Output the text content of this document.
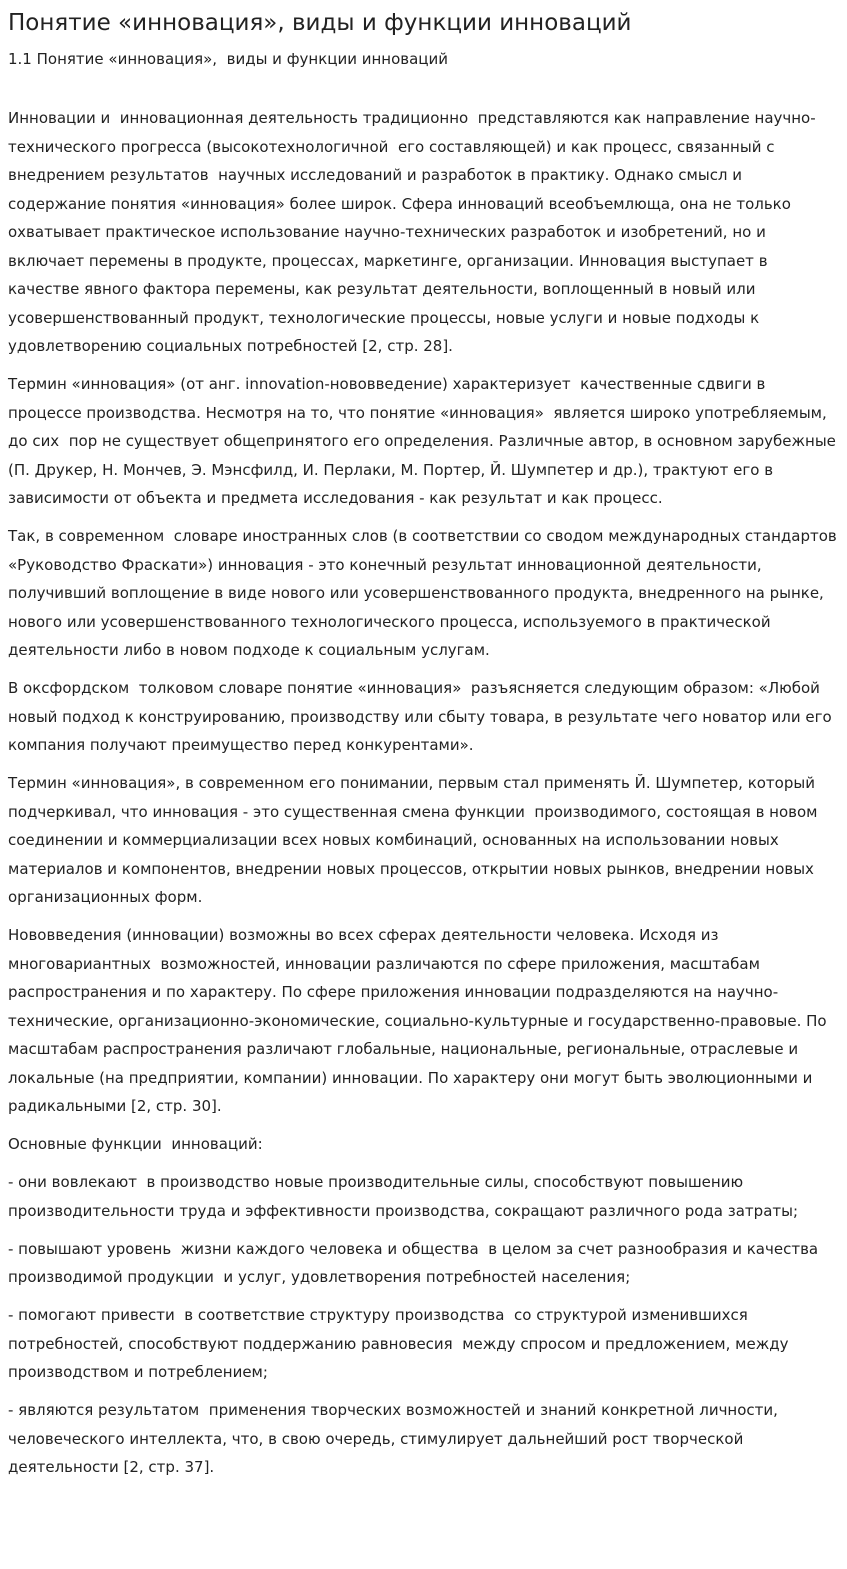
Понятие «инновация», виды и функции инноваций
1.1 Понятие «инновация»,  виды и функции инноваций

Инновации и  инновационная деятельность традиционно  представляются как направление научно-технического прогресса (высокотехнологичной  его составляющей) и как процесс, связанный с внедрением результатов  научных исследований и разработок в практику. Однако смысл и содержание понятия «инновация» более широк. Сфера инноваций всеобъемлюща, она не только охватывает практическое использование научно-технических разработок и изобретений, но и включает перемены в продукте, процессах, маркетинге, организации. Инновация выступает в качестве явного фактора перемены, как результат деятельности, воплощенный в новый или усовершенствованный продукт, технологические процессы, новые услуги и новые подходы к удовлетворению социальных потребностей [2, стр. 28].

Термин «инновация» (от анг. innovation-нововведение) характеризует  качественные сдвиги в процессе производства. Несмотря на то, что понятие «инновация»  является широко употребляемым, до сих  пор не существует общепринятого его определения. Различные автор, в основном зарубежные (П. Друкер, Н. Мончев, Э. Мэнсфилд, И. Перлаки, М. Портер, Й. Шумпетер и др.), трактуют его в зависимости от объекта и предмета исследования - как результат и как процесс.

Так, в современном  словаре иностранных слов (в соответствии со сводом международных стандартов «Руководство Фраскати») инновация - это конечный результат инновационной деятельности, получивший воплощение в виде нового или усовершенствованного продукта, внедренного на рынке, нового или усовершенствованного технологического процесса, используемого в практической деятельности либо в новом подходе к социальным услугам.

В оксфордском  толковом словаре понятие «инновация»  разъясняется следующим образом: «Любой новый подход к конструированию, производству или сбыту товара, в результате чего новатор или его компания получают преимущество перед конкурентами».

Термин «инновация», в современном его понимании, первым стал применять Й. Шумпетер, который подчеркивал, что инновация - это существенная смена функции  производимого, состоящая в новом  соединении и коммерциализации всех новых комбинаций, основанных на использовании новых материалов и компонентов, внедрении новых процессов, открытии новых рынков, внедрении новых организационных форм.

Нововведения (инновации) возможны во всех сферах деятельности человека. Исходя из многовариантных  возможностей, инновации различаются по сфере приложения, масштабам распространения и по характеру. По сфере приложения инновации подразделяются на научно-технические, организационно-экономические, социально-культурные и государственно-правовые. По масштабам распространения различают глобальные, национальные, региональные, отраслевые и локальные (на предприятии, компании) инновации. По характеру они могут быть эволюционными и радикальными [2, стр. 30].

Основные функции  инноваций:

- они вовлекают  в производство новые производительные силы, способствуют повышению производительности труда и эффективности производства, сокращают различного рода затраты;

- повышают уровень  жизни каждого человека и общества  в целом за счет разнообразия и качества производимой продукции  и услуг, удовлетворения потребностей населения;

- помогают привести  в соответствие структуру производства  со структурой изменившихся потребностей, способствуют поддержанию равновесия  между спросом и предложением, между производством и потреблением;

- являются результатом  применения творческих возможностей и знаний конкретной личности, человеческого интеллекта, что, в свою очередь, стимулирует дальнейший рост творческой деятельности [2, стр. 37].
